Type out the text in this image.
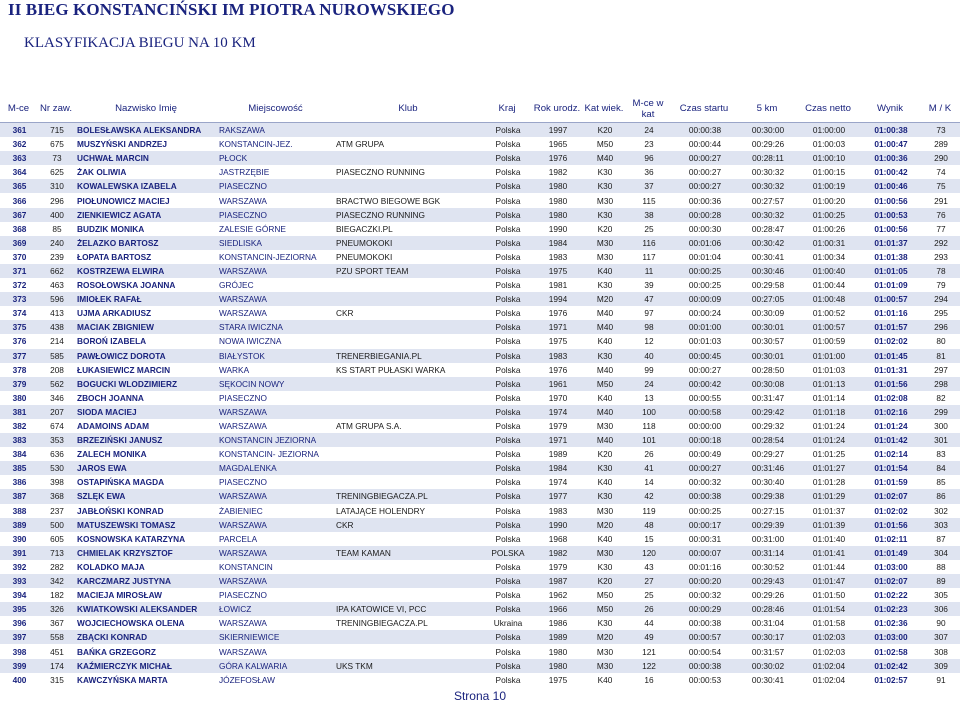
II BIEG KONSTANCIŃSKI IM PIOTRA NUROWSKIEGO
KLASYFIKACJA BIEGU NA 10 KM
M-ce	Nr zaw.	Nazwisko Imię	Miejscowość	Klub	Kraj	Rok urodz.	Kat wiek.	M-ce w kat	Czas startu	5 km	Czas netto	Wynik	M / K
361	715	BOLESŁAWSKA ALEKSANDRA	RAKSZAWA		Polska	1997	K20	24	00:00:38	00:30:00	01:00:00	01:00:38	73
362	675	MUSZYŃSKI ANDRZEJ	KONSTANCIN-JEZ.	ATM GRUPA	Polska	1965	M50	23	00:00:44	00:29:26	01:00:03	01:00:47	289
363	73	UCHWAŁ MARCIN	PŁOCK		Polska	1976	M40	96	00:00:27	00:28:11	01:00:10	01:00:36	290
364	625	ŻAK OLIWIA	JASTRZĘBIE	PIASECZNO RUNNING	Polska	1982	K30	36	00:00:27	00:30:32	01:00:15	01:00:42	74
365	310	KOWALEWSKA IZABELA	PIASECZNO		Polska	1980	K30	37	00:00:27	00:30:32	01:00:19	01:00:46	75
366	296	PIOŁUNOWICZ MACIEJ	WARSZAWA	BRACTWO BIEGOWE BGK	Polska	1980	M30	115	00:00:36	00:27:57	01:00:20	01:00:56	291
367	400	ZIENKIEWICZ AGATA	PIASECZNO	PIASECZNO RUNNING	Polska	1980	K30	38	00:00:28	00:30:32	01:00:25	01:00:53	76
368	85	BUDZIK MONIKA	ZALESIE GÓRNE	BIEGACZKI.PL	Polska	1990	K20	25	00:00:30	00:28:47	01:00:26	01:00:56	77
369	240	ŻELAZKO BARTOSZ	SIEDLISKA	PNEUMOKOKI	Polska	1984	M30	116	00:01:06	00:30:42	01:00:31	01:01:37	292
370	239	ŁOPATA BARTOSZ	KONSTANCIN-JEZIORNA	PNEUMOKOKI	Polska	1983	M30	117	00:01:04	00:30:41	01:00:34	01:01:38	293
371	662	KOSTRZEWA ELWIRA	WARSZAWA	PZU SPORT TEAM	Polska	1975	K40	11	00:00:25	00:30:46	01:00:40	01:01:05	78
372	463	ROSOŁOWSKA JOANNA	GRÓJEC		Polska	1981	K30	39	00:00:25	00:29:58	01:00:44	01:01:09	79
373	596	IMIOŁEK RAFAŁ	WARSZAWA		Polska	1994	M20	47	00:00:09	00:27:05	01:00:48	01:00:57	294
374	413	UJMA ARKADIUSZ	WARSZAWA	CKR	Polska	1976	M40	97	00:00:24	00:30:09	01:00:52	01:01:16	295
375	438	MACIAK ZBIGNIEW	STARA IWICZNA		Polska	1971	M40	98	00:01:00	00:30:01	01:00:57	01:01:57	296
376	214	BOROŃ IZABELA	NOWA IWICZNA		Polska	1975	K40	12	00:01:03	00:30:57	01:00:59	01:02:02	80
377	585	PAWŁOWICZ DOROTA	BIAŁYSTOK	TRENERBIEGANIA.PL	Polska	1983	K30	40	00:00:45	00:30:01	01:01:00	01:01:45	81
378	208	ŁUKASIEWICZ MARCIN	WARKA	KS START PUŁASKI WARKA	Polska	1976	M40	99	00:00:27	00:28:50	01:01:03	01:01:31	297
379	562	BOGUCKI WLODZIMIERZ	SĘKOCIN NOWY		Polska	1961	M50	24	00:00:42	00:30:08	01:01:13	01:01:56	298
380	346	ZBOCH JOANNA	PIASECZNO		Polska	1970	K40	13	00:00:55	00:31:47	01:01:14	01:02:08	82
381	207	SIODA MACIEJ	WARSZAWA		Polska	1974	M40	100	00:00:58	00:29:42	01:01:18	01:02:16	299
382	674	ADAMOINS ADAM	WARSZAWA	ATM GRUPA S.A.	Polska	1979	M30	118	00:00:00	00:29:32	01:01:24	01:01:24	300
383	353	BRZEZIŃSKI JANUSZ	KONSTANCIN JEZIORNA		Polska	1971	M40	101	00:00:18	00:28:54	01:01:24	01:01:42	301
384	636	ZALECH MONIKA	KONSTANCIN- JEZIORNA		Polska	1989	K20	26	00:00:49	00:29:27	01:01:25	01:02:14	83
385	530	JAROS EWA	MAGDALENKA		Polska	1984	K30	41	00:00:27	00:31:46	01:01:27	01:01:54	84
386	398	OSTAPIŃSKA MAGDA	PIASECZNO		Polska	1974	K40	14	00:00:32	00:30:40	01:01:28	01:01:59	85
387	368	SZLĘK EWA	WARSZAWA	TRENINGBIEGACZA.PL	Polska	1977	K30	42	00:00:38	00:29:38	01:01:29	01:02:07	86
388	237	JABŁOŃSKI KONRAD	ŻABIENIEC	LATAJĄCE HOLENDRY	Polska	1983	M30	119	00:00:25	00:27:15	01:01:37	01:02:02	302
389	500	MATUSZEWSKI TOMASZ	WARSZAWA	CKR	Polska	1990	M20	48	00:00:17	00:29:39	01:01:39	01:01:56	303
390	605	KOSNOWSKA KATARZYNA	PARCELA		Polska	1968	K40	15	00:00:31	00:31:00	01:01:40	01:02:11	87
391	713	CHMIELAK KRZYSZTOF	WARSZAWA	TEAM KAMAN	POLSKA	1982	M30	120	00:00:07	00:31:14	01:01:41	01:01:49	304
392	282	KOLADKO MAJA	KONSTANCIN		Polska	1979	K30	43	00:01:16	00:30:52	01:01:44	01:03:00	88
393	342	KARCZMARZ JUSTYNA	WARSZAWA		Polska	1987	K20	27	00:00:20	00:29:43	01:01:47	01:02:07	89
394	182	MACIEJA MIROSŁAW	PIASECZNO		Polska	1962	M50	25	00:00:32	00:29:26	01:01:50	01:02:22	305
395	326	KWIATKOWSKI ALEKSANDER	ŁOWICZ	IPA KATOWICE VI, PCC	Polska	1966	M50	26	00:00:29	00:28:46	01:01:54	01:02:23	306
396	367	WOJCIECHOWSKA OLENA	WARSZAWA	TRENINGBIEGACZA.PL	Ukraina	1986	K30	44	00:00:38	00:31:04	01:01:58	01:02:36	90
397	558	ZBĄCKI KONRAD	SKIERNIEWICE		Polska	1989	M20	49	00:00:57	00:30:17	01:02:03	01:03:00	307
398	451	BAŃKA GRZEGORZ	WARSZAWA		Polska	1980	M30	121	00:00:54	00:31:57	01:02:03	01:02:58	308
399	174	KAŹMIERCZYK MICHAŁ	GÓRA KALWARIA	UKS TKM	Polska	1980	M30	122	00:00:38	00:30:02	01:02:04	01:02:42	309
400	315	KAWCZYŃSKA MARTA	JÓZEFOSŁAW		Polska	1975	K40	16	00:00:53	00:30:41	01:02:04	01:02:57	91
Strona 10
